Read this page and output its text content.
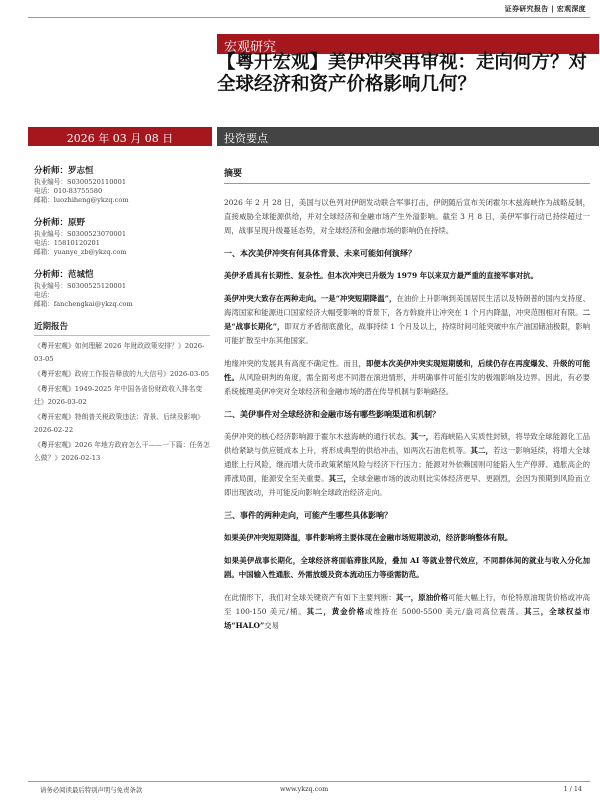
证券研究报告 | 宏观深度
宏观研究
【粤开宏观】美伊冲突再审视：走向何方？对全球经济和资产价格影响几何？
2026 年 03 月 08 日	投资要点
分析师：罗志恒
执业编号：S0300520110001
电话：010-83755580
邮箱：luozhiheng@ykzq.com
分析师：原野
执业编号：S0300523070001
电话：15810120201
邮箱：yuanye_zb@ykzq.com
分析师：范城恺
执业编号：S0300525120001
电话：
邮箱：fanchengkai@ykzq.com
近期报告
《粤开宏观》如何理解 2026 年财政政策安排？》2026-03-05
《粤开宏观》政府工作报告释放的九大信号》2026-03-05
《粤开宏观》1949-2025 年中国各省份财政收入排名变迁》2026-03-02
《粤开宏观》特朗普关税政策违法：背景、后续及影响》2026-02-22
《粤开宏观》2026 年地方政府怎么干——一下篇：任务怎么做？》2026-02-13
摘要

2026 年 2 月 28 日，美国与以色列对伊朗发动联合军事打击，伊朗随后宣布关闭霍尔木兹海峡作为战略反制，直接威胁全球能源供给，并对全球经济和金融市场产生外溢影响。截至 3 月 8 日，美伊军事行动已持续超过一周，战事呈现升级蔓延态势，对全球经济和金融市场的影响仍在持续。

一、本次美伊冲突有何具体背景、未来可能如何演绎？

美伊矛盾具有长期性、复杂性。但本次冲突已升级为 1979 年以来双方最严重的直接军事对抗。

美伊冲突大致存在两种走向。一是“冲突短期降温”，在油价上升影响到美国居民生活以及特朗普的国内支持度、海湾国家和能源进口国家经济大幅受影响的背景下，各方斡旋并让冲突在 1 个月内降温，冲突范围相对有限。二是“战事长期化”，即双方矛盾彻底激化，战事持续 1 个月及以上，持续时间可能突破中东产油国储油极限，影响可能扩散至中东其他国家。

地缘冲突的发展具有高度不确定性。而且，即便本次美伊冲突实现短期缓和，后续仍存在再度爆发、升级的可能性。从风险研判的角度，需全面考虑不同潜在演进情形，并明确事件可能引发的极端影响及边界。因此，有必要系统梳理美伊冲突对全球经济和金融市场的潜在传导机制与影响路径。

二、美伊事件对全球经济和金融市场有哪些影响渠道和机制？

美伊冲突的核心经济影响源于霍尔木兹海峡的通行状态。其一，若海峡陷入实质性封锁，将导致全球能源化工品供给紧缺与供应链成本上升，将形成典型的供给冲击，如两次石油危机等。其二，若这一影响延续，将增大全球通胀上行风险，继而增大货币政策紧缩风险与经济下行压力；能源对外依赖国则可能陷入生产停滞、通胀高企的滞涨局面，能源安全至关重要。其三，全球金融市场的波动则比实体经济更早、更剧烈，会因为预期到风险而立即出现波动，并可能反向影响全球政治经济走向。

三、事件的两种走向，可能产生哪些具体影响？

如果美伊冲突短期降温，事件影响将主要体现在金融市场短期波动，经济影响整体有限。

如果美伊战事长期化，全球经济将面临滞胀风险，叠加 AI 等就业替代效应，不同群体间的就业与收入分化加剧。中国输入性通胀、外需放缓及资本流动压力等亟需防范。

在此情形下，我们对全球关键资产有如下主要判断：其一，原油价格可能大幅上行，布伦特原油现货价格或冲高至 100-150 美元/桶。其二，黄金价格或维持在 5000-5500 美元/盎司高位震荡。其三，全球权益市场“HALO”交易

请务必阅读最后特别声明与免责条款	www.ykzq.com	1 / 14
